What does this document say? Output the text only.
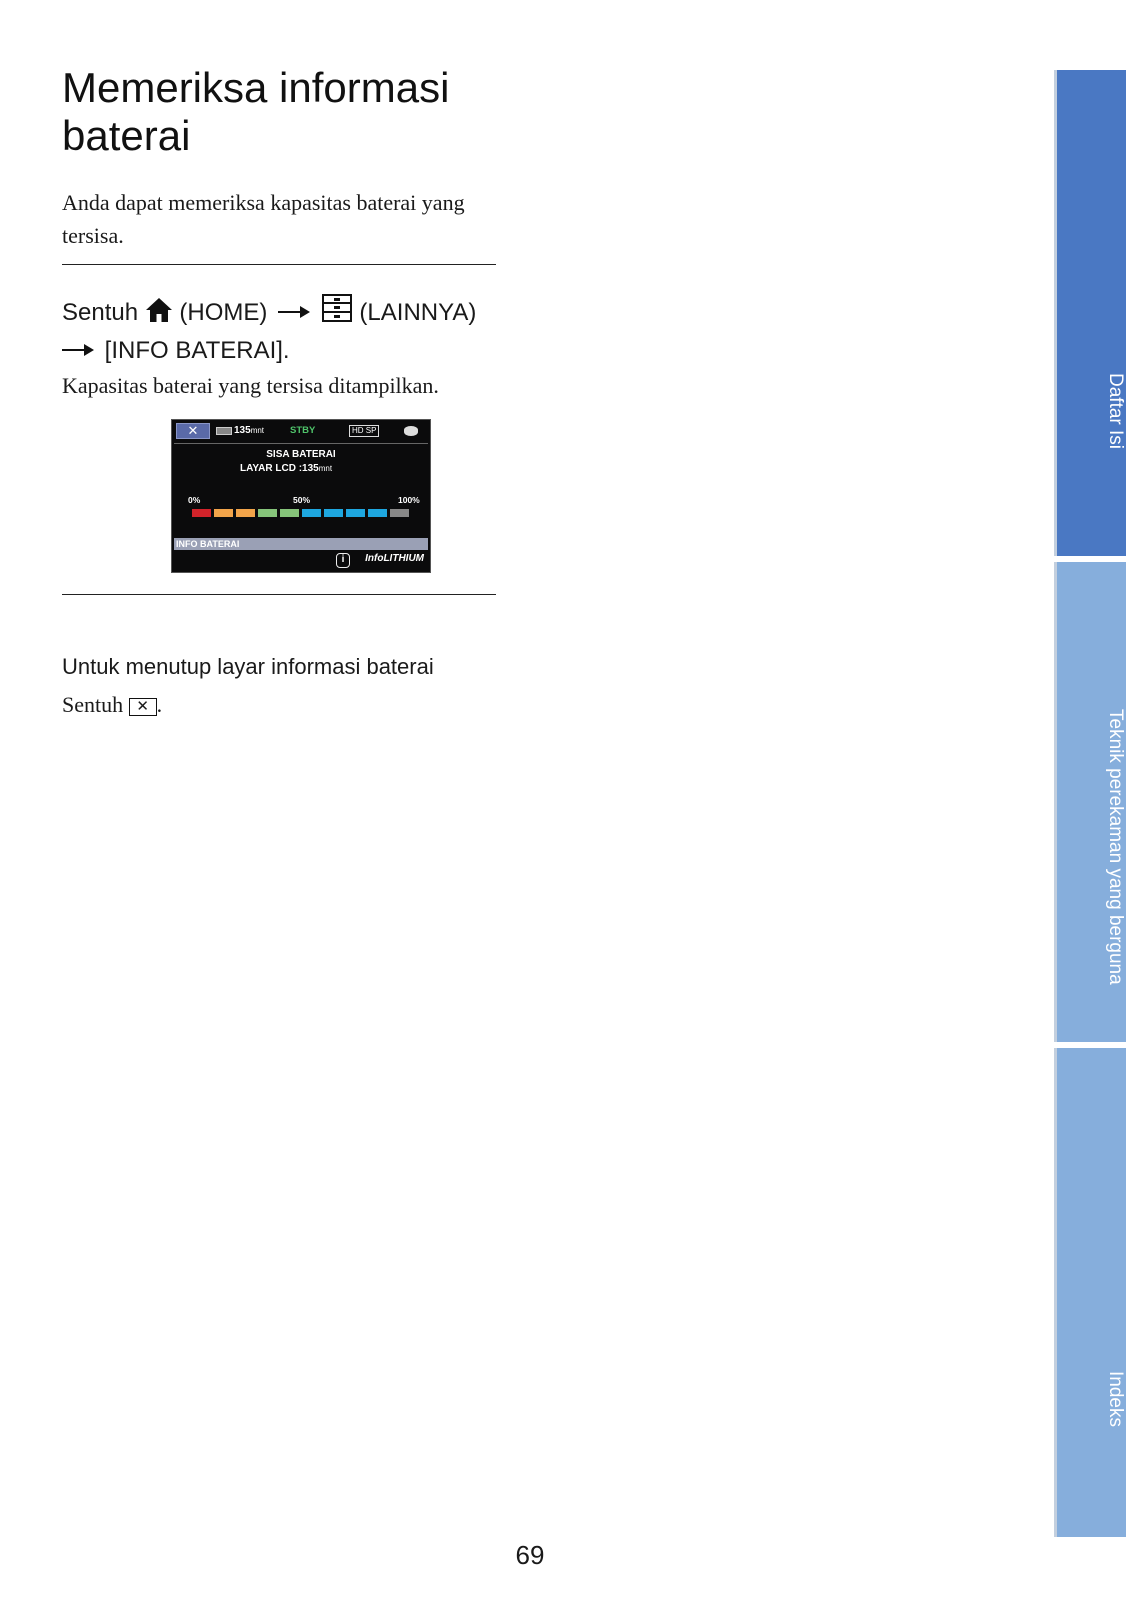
Memeriksa informasi baterai

Anda dapat memeriksa kapasitas baterai yang tersisa.

Sentuh (HOME)	(LAINNYA)
[INFO BATERAI].

Kapasitas baterai yang tersisa ditampilkan.

✕	135mnt	STBY	HD SP
SISA BATERAI
LAYAR LCD :135mnt
0%	50%	100%
INFO BATERAI
i	InfoLITHIUM
Untuk menutup layar informasi baterai

Sentuh ✕ .

69
Daftar Isi
Teknik perekaman yang berguna
Indeks
